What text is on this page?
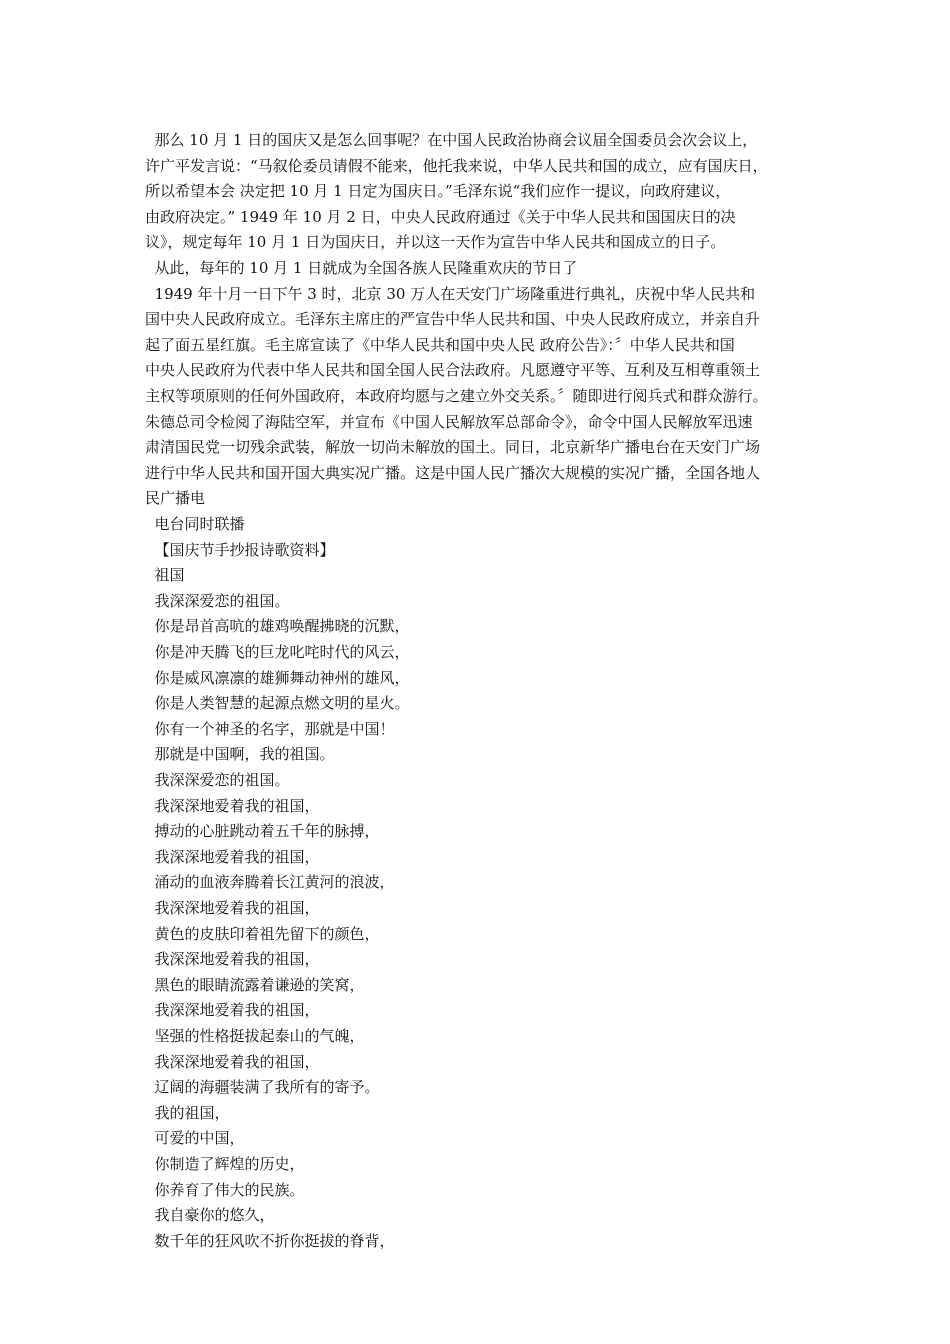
那么 10 月 1 日的国庆又是怎么回事呢？在中国人民政治协商会议届全国委员会次会议上，
许广平发言说：“马叙伦委员请假不能来，他托我来说，中华人民共和国的成立，应有国庆日，
所以希望本会 决定把 10 月 1 日定为国庆日。”毛泽东说“我们应作一提议，向政府建议，
由政府决定。” 1949 年 10 月 2 日，中央人民政府通过《关于中华人民共和国国庆日的决
议》，规定每年 10 月 1 日为国庆日，并以这一天作为宣告中华人民共和国成立的日子。
从此，每年的 10 月 1 日就成为全国各族人民隆重欢庆的节日了
1949 年十月一日下午 3 时，北京 30 万人在天安门广场隆重进行典礼，庆祝中华人民共和
国中央人民政府成立。毛泽东主席庄的严宣告中华人民共和国、中央人民政府成立，并亲自升
起了面五星红旗。毛主席宣读了《中华人民共和国中央人民 政府公告》：〞中华人民共和国
中央人民政府为代表中华人民共和国全国人民合法政府。凡愿遵守平等、互利及互相尊重领土
主权等项原则的任何外国政府，本政府均愿与之建立外交关系。〞随即进行阅兵式和群众游行。
朱德总司令检阅了海陆空军，并宣布《中国人民解放军总部命令》，命令中国人民解放军迅速
肃清国民党一切残余武装，解放一切尚未解放的国土。同日，北京新华广播电台在天安门广场
进行中华人民共和国开国大典实况广播。这是中国人民广播次大规模的实况广播，全国各地人
民广播电
电台同时联播
【国庆节手抄报诗歌资料】
祖国
我深深爱恋的祖国。
你是昂首高吭的雄鸡唤醒拂晓的沉默，
你是冲天腾飞的巨龙叱咤时代的风云，
你是威风凛凛的雄狮舞动神州的雄风，
你是人类智慧的起源点燃文明的星火。
你有一个神圣的名字，那就是中国！
那就是中国啊，我的祖国。
我深深爱恋的祖国。
我深深地爱着我的祖国，
搏动的心脏跳动着五千年的脉搏，
我深深地爱着我的祖国，
涌动的血液奔腾着长江黄河的浪波，
我深深地爱着我的祖国，
黄色的皮肤印着祖先留下的颜色，
我深深地爱着我的祖国，
黑色的眼睛流露着谦逊的笑窝，
我深深地爱着我的祖国，
坚强的性格挺拔起泰山的气魄，
我深深地爱着我的祖国，
辽阔的海疆装满了我所有的寄予。
我的祖国，
可爱的中国，
你制造了辉煌的历史，
你养育了伟大的民族。
我自豪你的悠久，
数千年的狂风吹不折你挺拔的脊背，
